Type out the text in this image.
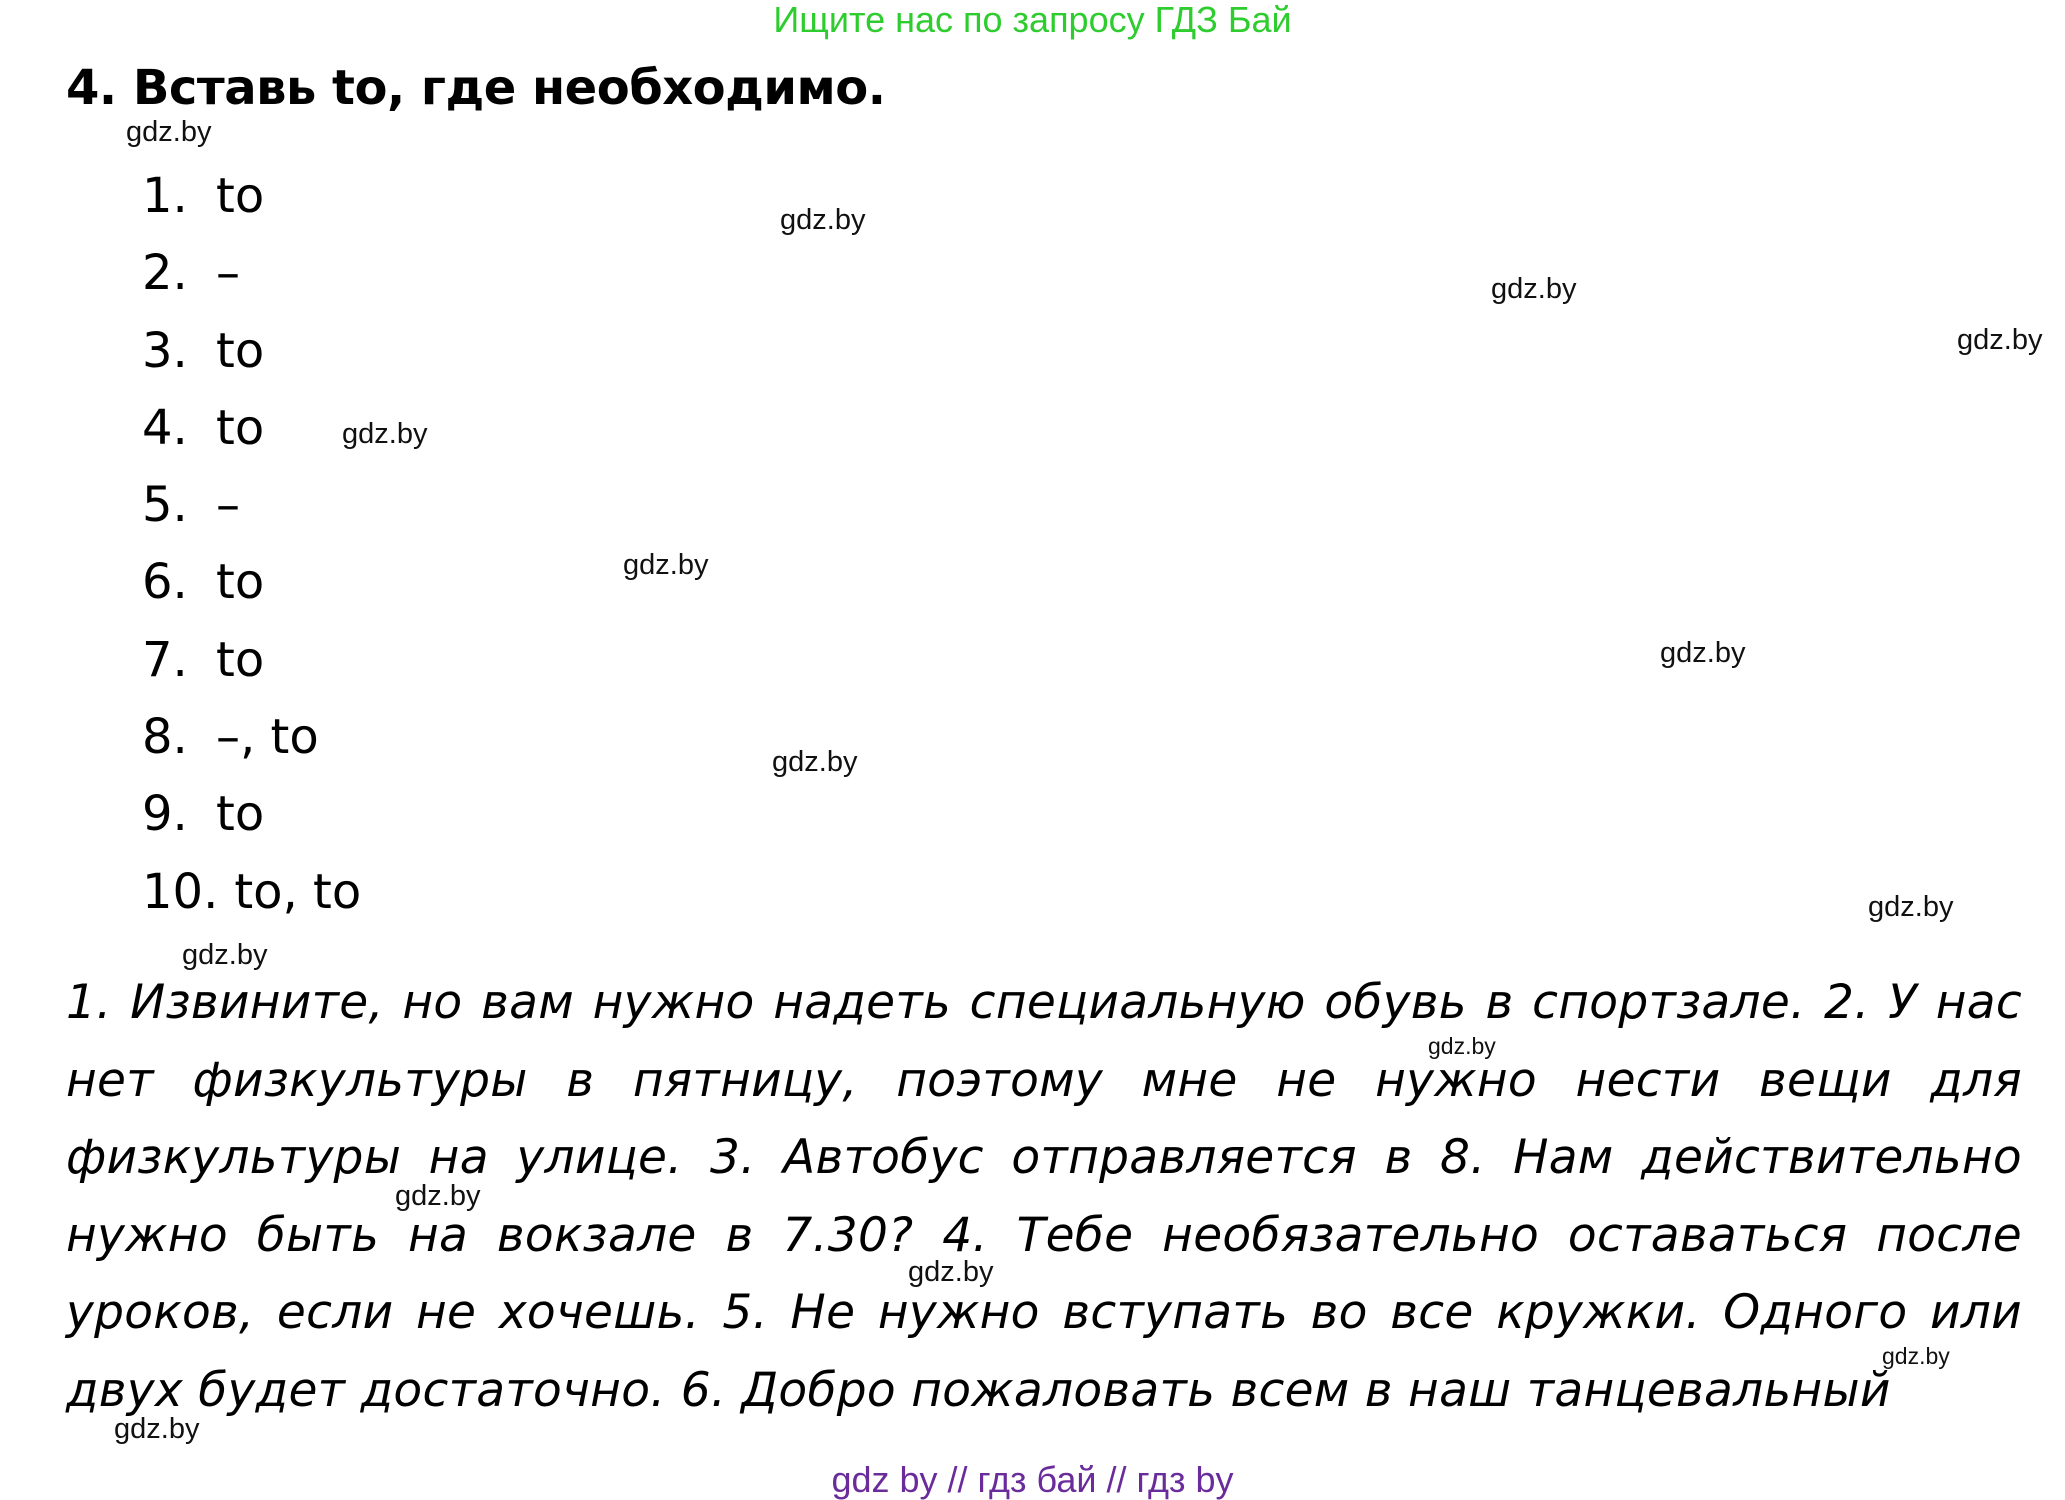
Ищите нас по запросу ГДЗ Бай
4. Вставь to, где необходимо.
1. to
2. –
3. to
4. to
5. –
6. to
7. to
8. –, to
9. to
10. to, to
1. Извините, но вам нужно надеть специальную обувь в спортзале. 2. У нас нет физкультуры в пятницу, поэтому мне не нужно нести вещи для физкультуры на улице. 3. Автобус отправляется в 8. Нам действительно нужно быть на вокзале в 7.30? 4. Тебе необязательно оставаться после уроков, если не хочешь. 5. Не нужно вступать во все кружки. Одного или двух будет достаточно. 6. Добро пожаловать всем в наш танцевальный
gdz.by
gdz.by
gdz.by
gdz.by
gdz.by
gdz.by
gdz.by
gdz.by
gdz.by
gdz.by
gdz.by
gdz.by
gdz.by
gdz.by
gdz.by
gdz by // гдз бай // гдз by
